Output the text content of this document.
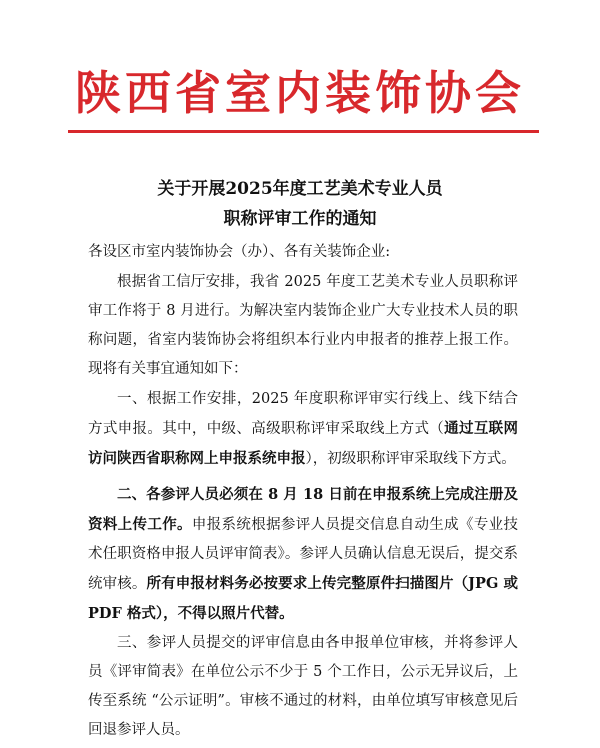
陕西省室内装饰协会
关于开展2025年度工艺美术专业人员
职称评审工作的通知
各设区市室内装饰协会（办）、各有关装饰企业:

根据省工信厅安排，我省 2025 年度工艺美术专业人员职称评审工作将于 8 月进行。为解决室内装饰企业广大专业技术人员的职称问题，省室内装饰协会将组织本行业内申报者的推荐上报工作。现将有关事宜通知如下：

一、根据工作安排，2025 年度职称评审实行线上、线下结合方式申报。其中，中级、高级职称评审采取线上方式（通过互联网访问陕西省职称网上申报系统申报），初级职称评审采取线下方式。

二、各参评人员必须在 8 月 18 日前在申报系统上完成注册及资料上传工作。申报系统根据参评人员提交信息自动生成《专业技术任职资格申报人员评审简表》。参评人员确认信息无误后，提交系统审核。所有申报材料务必按要求上传完整原件扫描图片（JPG 或 PDF 格式），不得以照片代替。

三、参评人员提交的评审信息由各申报单位审核，并将参评人员《评审简表》在单位公示不少于 5 个工作日，公示无异议后，上传至系统 “公示证明”。审核不通过的材料，由单位填写审核意见后回退参评人员。
